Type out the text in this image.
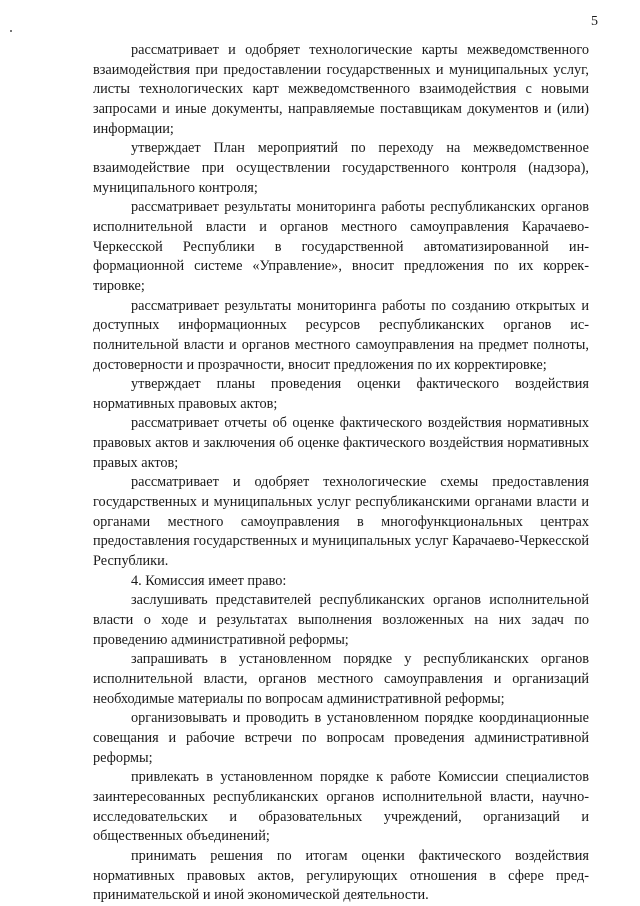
5

рассматривает и одобряет технологические карты межведомственного взаимодействия при предоставлении государственных и муниципальных услуг, листы технологических карт межведомственного взаимодействия с новыми запросами и иные документы, направляемые поставщикам документов и (или) информации;

утверждает План мероприятий по переходу на межведомственное взаимодействие при осуществлении государственного контроля (надзора), муниципального контроля;

рассматривает результаты мониторинга работы республиканских органов исполнительной власти и органов местного самоуправления Карачаево-Черкесской Республики в государственной автоматизированной информационной системе «Управление», вносит предложения по их корректировке;

рассматривает результаты мониторинга работы по созданию открытых и доступных информационных ресурсов республиканских органов исполнительной власти и органов местного самоуправления на предмет полноты, достоверности и прозрачности, вносит предложения по их корректировке;

утверждает планы проведения оценки фактического воздействия нормативных правовых актов;

рассматривает отчеты об оценке фактического воздействия нормативных правовых актов и заключения об оценке фактического воздействия нормативных правых актов;

рассматривает и одобряет технологические схемы предоставления государственных и муниципальных услуг республиканскими органами власти и органами местного самоуправления в многофункциональных центрах предоставления государственных и муниципальных услуг Карачаево-Черкесской Республики.

4. Комиссия имеет право:

заслушивать представителей республиканских органов исполнительной власти о ходе и результатах выполнения возложенных на них задач по проведению административной реформы;

запрашивать в установленном порядке у республиканских органов исполнительной власти, органов местного самоуправления и организаций необходимые материалы по вопросам административной реформы;

организовывать и проводить в установленном порядке координационные совещания и рабочие встречи по вопросам проведения административной реформы;

привлекать в установленном порядке к работе Комиссии специалистов заинтересованных республиканских органов исполнительной власти, научно-исследовательских и образовательных учреждений, организаций и общественных объединений;

принимать решения по итогам оценки фактического воздействия нормативных правовых актов, регулирующих отношения в сфере предпринимательской и иной экономической деятельности.
